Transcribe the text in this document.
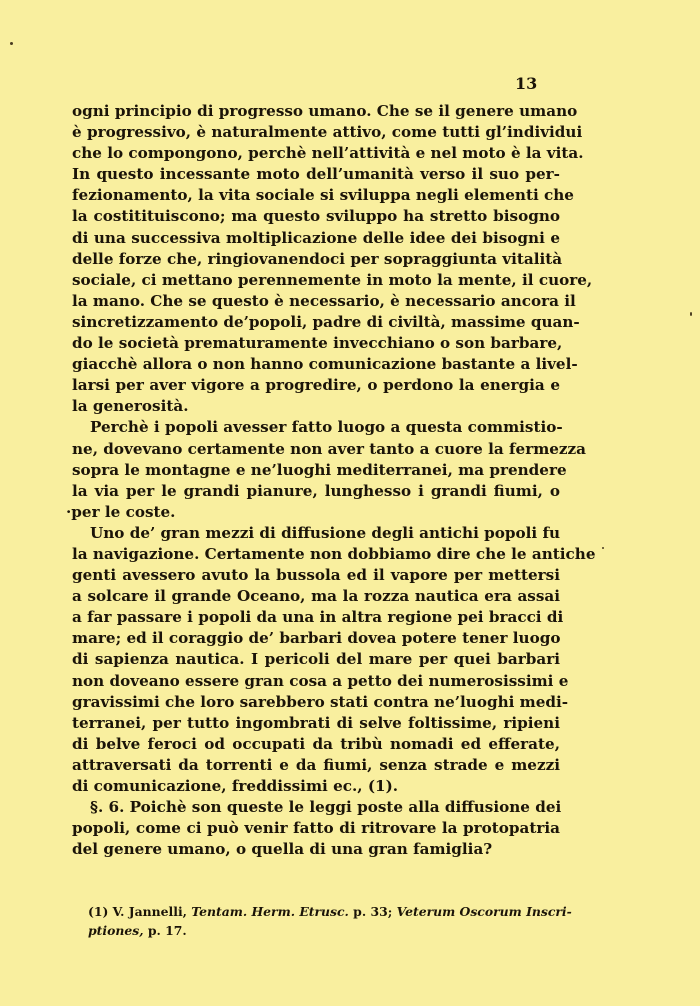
13
ogni principio di progresso umano. Che se il genere umano
è progressivo, è naturalmente attivo, come tutti gl’individui
che lo compongono, perchè nell’attività e nel moto è la vita.
In questo incessante moto dell’umanità verso il suo per-
fezionamento, la vita sociale si sviluppa negli elementi che
la costitituiscono; ma questo sviluppo ha stretto bisogno
di una successiva moltiplicazione delle idee dei bisogni e
delle forze che, ringiovanendoci per sopraggiunta vitalità
sociale, ci mettano perennemente in moto la mente, il cuore,
la mano. Che se questo è necessario, è necessario ancora il
sincretizzamento de’popoli, padre di civiltà, massime quan-
do le società prematuramente invecchiano o son barbare,
giacchè allora o non hanno comunicazione bastante a livel-
larsi per aver vigore a progredire, o perdono la energia e
la generosità.
Perchè i popoli avesser fatto luogo a questa commistio-
ne, dovevano certamente non aver tanto a cuore la fermezza
sopra le montagne e ne’luoghi mediterranei, ma prendere
la via per le grandi pianure, lunghesso i grandi fiumi, o
·per le coste.
Uno de’ gran mezzi di diffusione degli antichi popoli fu
la navigazione. Certamente non dobbiamo dire che le antiche
genti avessero avuto la bussola ed il vapore per mettersi
a solcare il grande Oceano, ma la rozza nautica era assai
a far passare i popoli da una in altra regione pei bracci di
mare; ed il coraggio de’ barbari dovea potere tener luogo
di sapienza nautica. I pericoli del mare per quei barbari
non doveano essere gran cosa a petto dei numerosissimi e
gravissimi che loro sarebbero stati contra ne’luoghi medi-
terranei, per tutto ingombrati di selve foltissime, ripieni
di belve feroci od occupati da tribù nomadi ed efferate,
attraversati da torrenti e da fiumi, senza strade e mezzi
di comunicazione, freddissimi ec., (1).
§. 6. Poichè son queste le leggi poste alla diffusione dei
popoli, come ci può venir fatto di ritrovare la protopatria
del genere umano, o quella di una gran famiglia?
(1) V. Jannelli, Tentam. Herm. Etrusc. p. 33; Veterum Oscorum Inscri-
ptiones, p. 17.
